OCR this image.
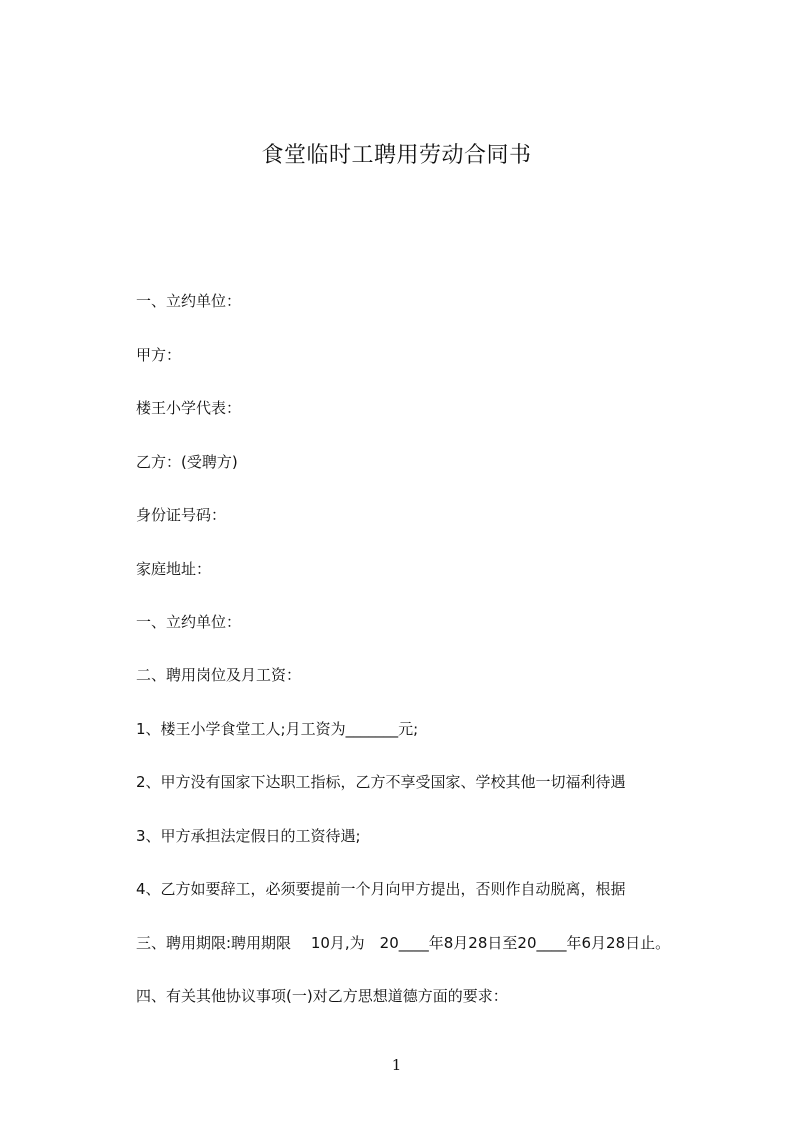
食堂临时工聘用劳动合同书
一、立约单位：
甲方：
楼王小学代表：
乙方：(受聘方)
身份证号码：
家庭地址：
一、立约单位：
二、聘用岗位及月工资：
1、楼王小学食堂工人;月工资为_______元;
2、甲方没有国家下达职工指标，乙方不享受国家、学校其他一切福利待遇
3、甲方承担法定假日的工资待遇;
4、乙方如要辞工，必须要提前一个月向甲方提出，否则作自动脱离，根据
三、聘用期限:聘用期限　 10月,为　20____年8月28日至20____年6月28日止。
四、有关其他协议事项(一)对乙方思想道德方面的要求：
1
